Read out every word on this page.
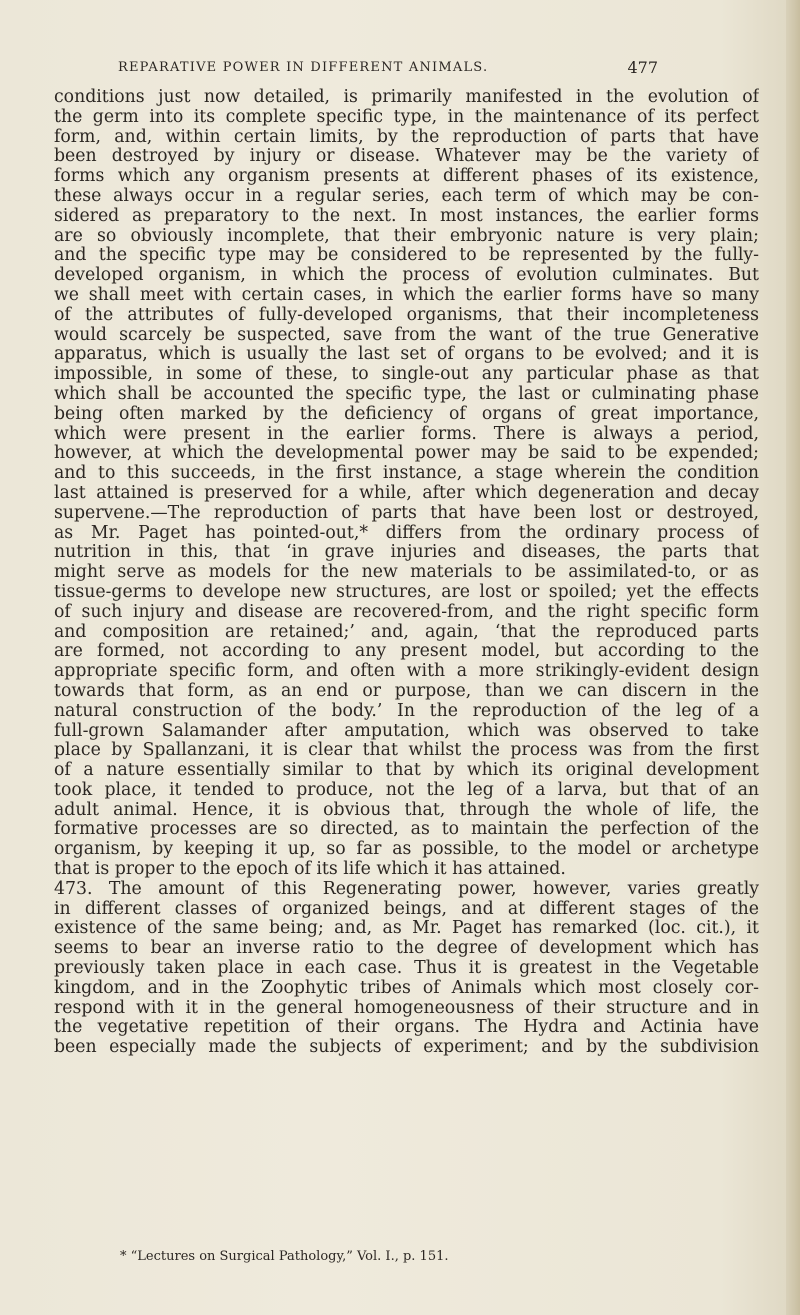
REPARATIVE POWER IN DIFFERENT ANIMALS.	477
conditions just now detailed, is primarily manifested in the evolution of
the germ into its complete specific type, in the maintenance of its perfect
form, and, within certain limits, by the reproduction of parts that have
been destroyed by injury or disease. Whatever may be the variety of
forms which any organism presents at different phases of its existence,
these always occur in a regular series, each term of which may be con-
sidered as preparatory to the next. In most instances, the earlier forms
are so obviously incomplete, that their embryonic nature is very plain;
and the specific type may be considered to be represented by the fully-
developed organism, in which the process of evolution culminates. But
we shall meet with certain cases, in which the earlier forms have so many
of the attributes of fully-developed organisms, that their incompleteness
would scarcely be suspected, save from the want of the true Generative
apparatus, which is usually the last set of organs to be evolved; and it is
impossible, in some of these, to single-out any particular phase as that
which shall be accounted the specific type, the last or culminating phase
being often marked by the deficiency of organs of great importance,
which were present in the earlier forms. There is always a period,
however, at which the developmental power may be said to be expended;
and to this succeeds, in the first instance, a stage wherein the condition
last attained is preserved for a while, after which degeneration and decay
supervene.—The reproduction of parts that have been lost or destroyed,
as Mr. Paget has pointed-out,* differs from the ordinary process of
nutrition in this, that ‘in grave injuries and diseases, the parts that
might serve as models for the new materials to be assimilated-to, or as
tissue-germs to develope new structures, are lost or spoiled; yet the effects
of such injury and disease are recovered-from, and the right specific form
and composition are retained;’ and, again, ‘that the reproduced parts
are formed, not according to any present model, but according to the
appropriate specific form, and often with a more strikingly-evident design
towards that form, as an end or purpose, than we can discern in the
natural construction of the body.’ In the reproduction of the leg of a
full-grown Salamander after amputation, which was observed to take
place by Spallanzani, it is clear that whilst the process was from the first
of a nature essentially similar to that by which its original development
took place, it tended to produce, not the leg of a larva, but that of an
adult animal. Hence, it is obvious that, through the whole of life, the
formative processes are so directed, as to maintain the perfection of the
organism, by keeping it up, so far as possible, to the model or archetype
that is proper to the epoch of its life which it has attained.
473. The amount of this Regenerating power, however, varies greatly
in different classes of organized beings, and at different stages of the
existence of the same being; and, as Mr. Paget has remarked (loc. cit.), it
seems to bear an inverse ratio to the degree of development which has
previously taken place in each case. Thus it is greatest in the Vegetable
kingdom, and in the Zoophytic tribes of Animals which most closely cor-
respond with it in the general homogeneousness of their structure and in
the vegetative repetition of their organs. The Hydra and Actinia have
been especially made the subjects of experiment; and by the subdivision
* “Lectures on Surgical Pathology,” Vol. I., p. 151.
